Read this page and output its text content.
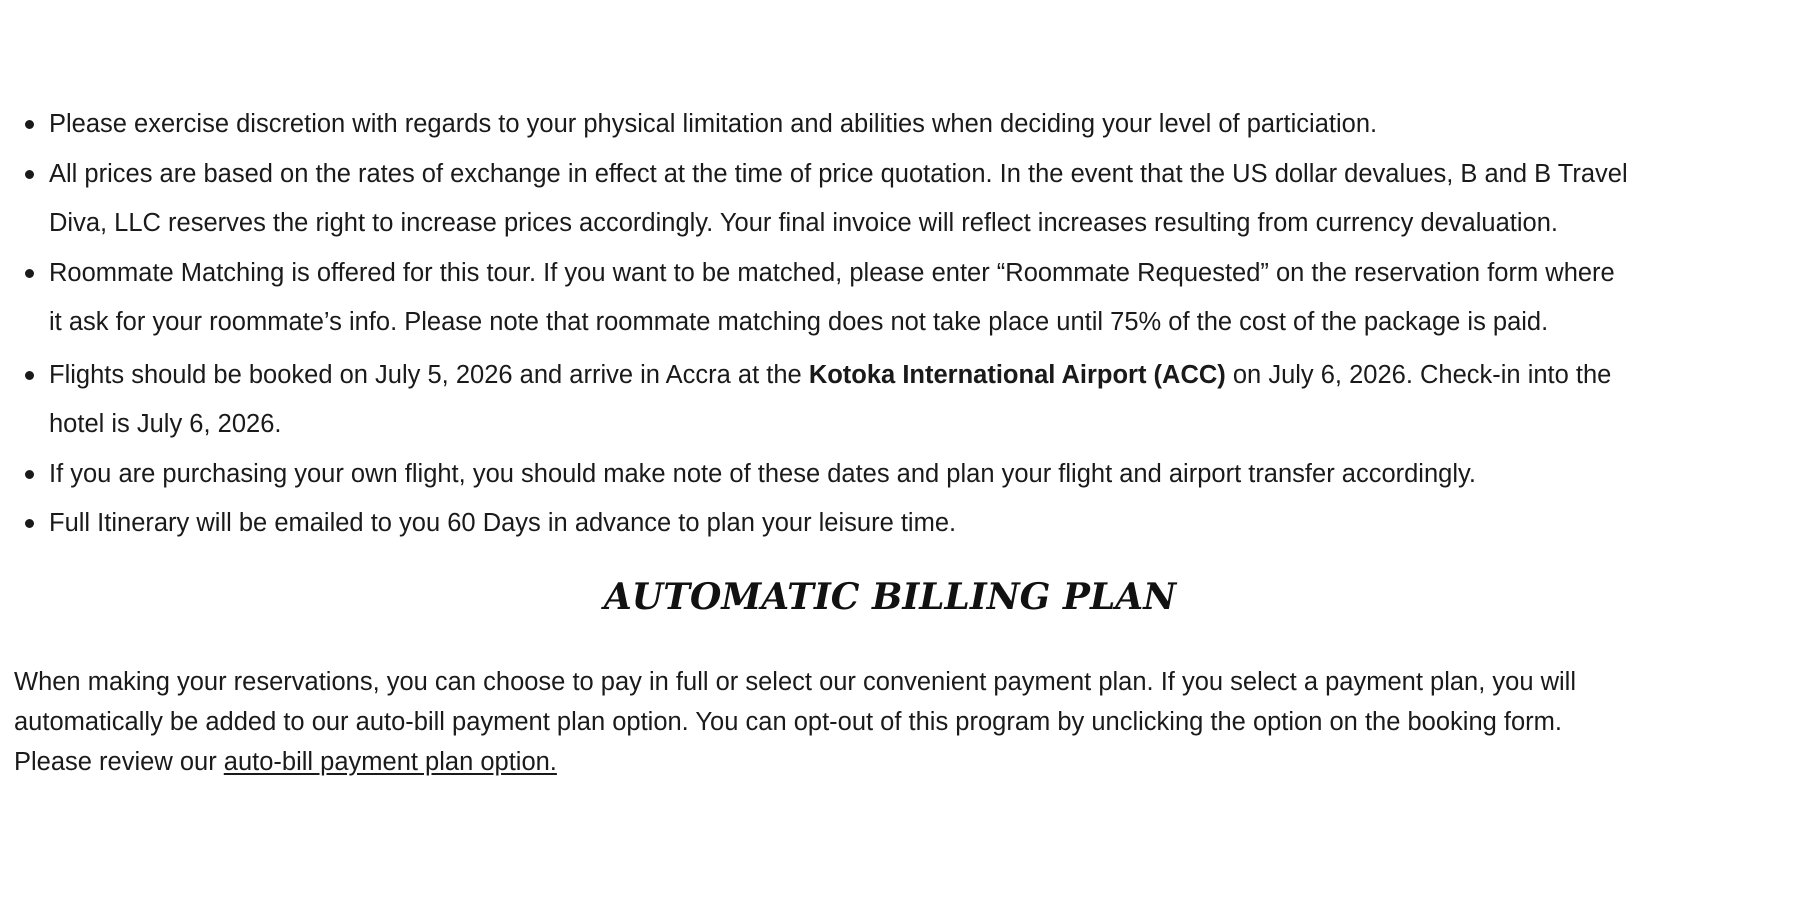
Please exercise discretion with regards to your physical limitation and abilities when deciding your level of particiation.
All prices are based on the rates of exchange in effect at the time of price quotation. In the event that the US dollar devalues, B and B Travel
Diva, LLC reserves the right to increase prices accordingly. Your final invoice will reflect increases resulting from currency devaluation.
Roommate Matching is offered for this tour. If you want to be matched, please enter “Roommate Requested” on the reservation form where
it ask for your roommate’s info. Please note that roommate matching does not take place until 75% of the cost of the package is paid.
Flights should be booked on July 5, 2026 and arrive in Accra at the Kotoka International Airport (ACC) on July 6, 2026. Check-in into the
hotel is July 6, 2026.
If you are purchasing your own flight, you should make note of these dates and plan your flight and airport transfer accordingly.
Full Itinerary will be emailed to you 60 Days in advance to plan your leisure time.
AUTOMATIC BILLING PLAN
When making your reservations, you can choose to pay in full or select our convenient payment plan. If you select a payment plan, you will
automatically be added to our auto-bill payment plan option. You can opt-out of this program by unclicking the option on the booking form.
Please review our auto-bill payment plan option.
